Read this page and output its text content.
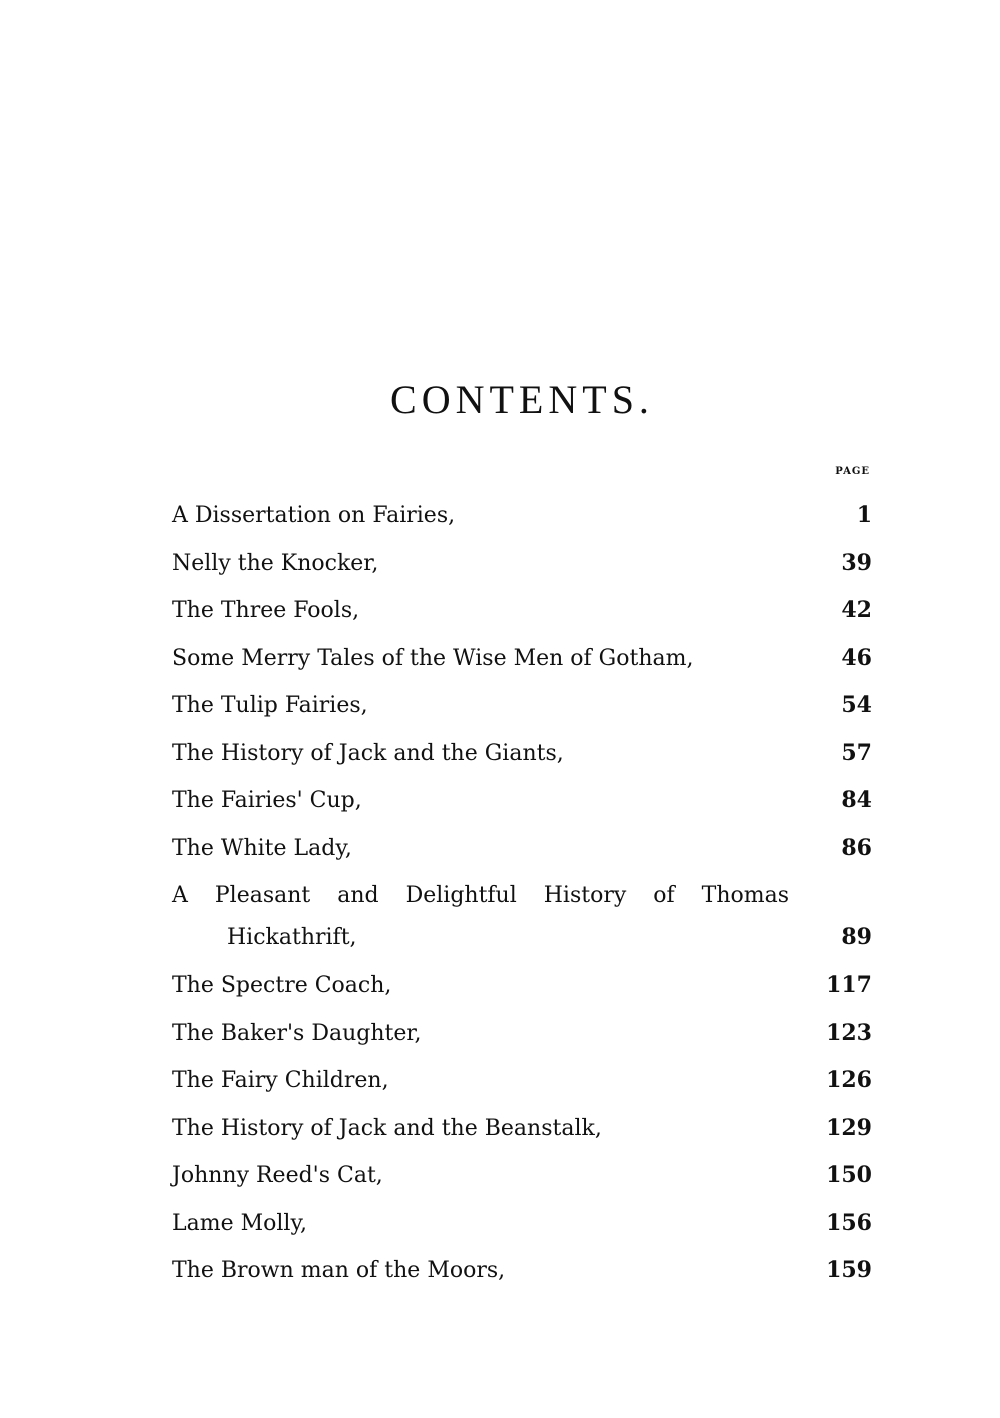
CONTENTS.
PAGE
A Dissertation on Fairies,	1
Nelly the Knocker,	39
The Three Fools,	42
Some Merry Tales of the Wise Men of Gotham,	46
The Tulip Fairies,	54
The History of Jack and the Giants,	57
The Fairies' Cup,	84
The White Lady,	86
A Pleasant and Delightful History of Thomas
Hickathrift,	89
The Spectre Coach,	117
The Baker's Daughter,	123
The Fairy Children,	126
The History of Jack and the Beanstalk,	129
Johnny Reed's Cat,	150
Lame Molly,	156
The Brown man of the Moors,	159
